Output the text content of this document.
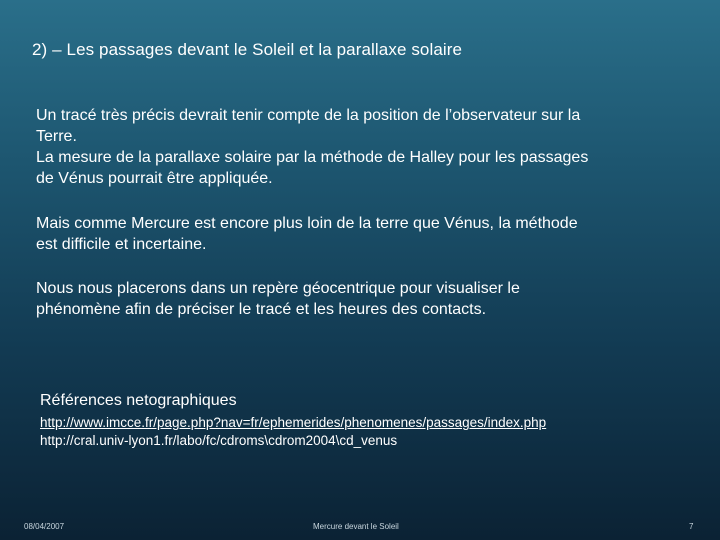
2) – Les passages devant le Soleil et la parallaxe solaire
Un tracé très précis devrait tenir compte de la position de l’observateur sur la
Terre.
La mesure de la parallaxe solaire par la méthode de Halley pour les passages
de Vénus pourrait être appliquée.
Mais comme Mercure est encore plus loin de la terre que Vénus, la méthode
est difficile et incertaine.
Nous nous placerons dans un repère géocentrique pour visualiser le
phénomène afin de préciser le tracé et les heures des contacts.
Références netographiques
http://www.imcce.fr/page.php?nav=fr/ephemerides/phenomenes/passages/index.php
http://cral.univ-lyon1.fr/labo/fc/cdroms\cdrom2004\cd_venus
08/04/2007	Mercure devant le Soleil	7
